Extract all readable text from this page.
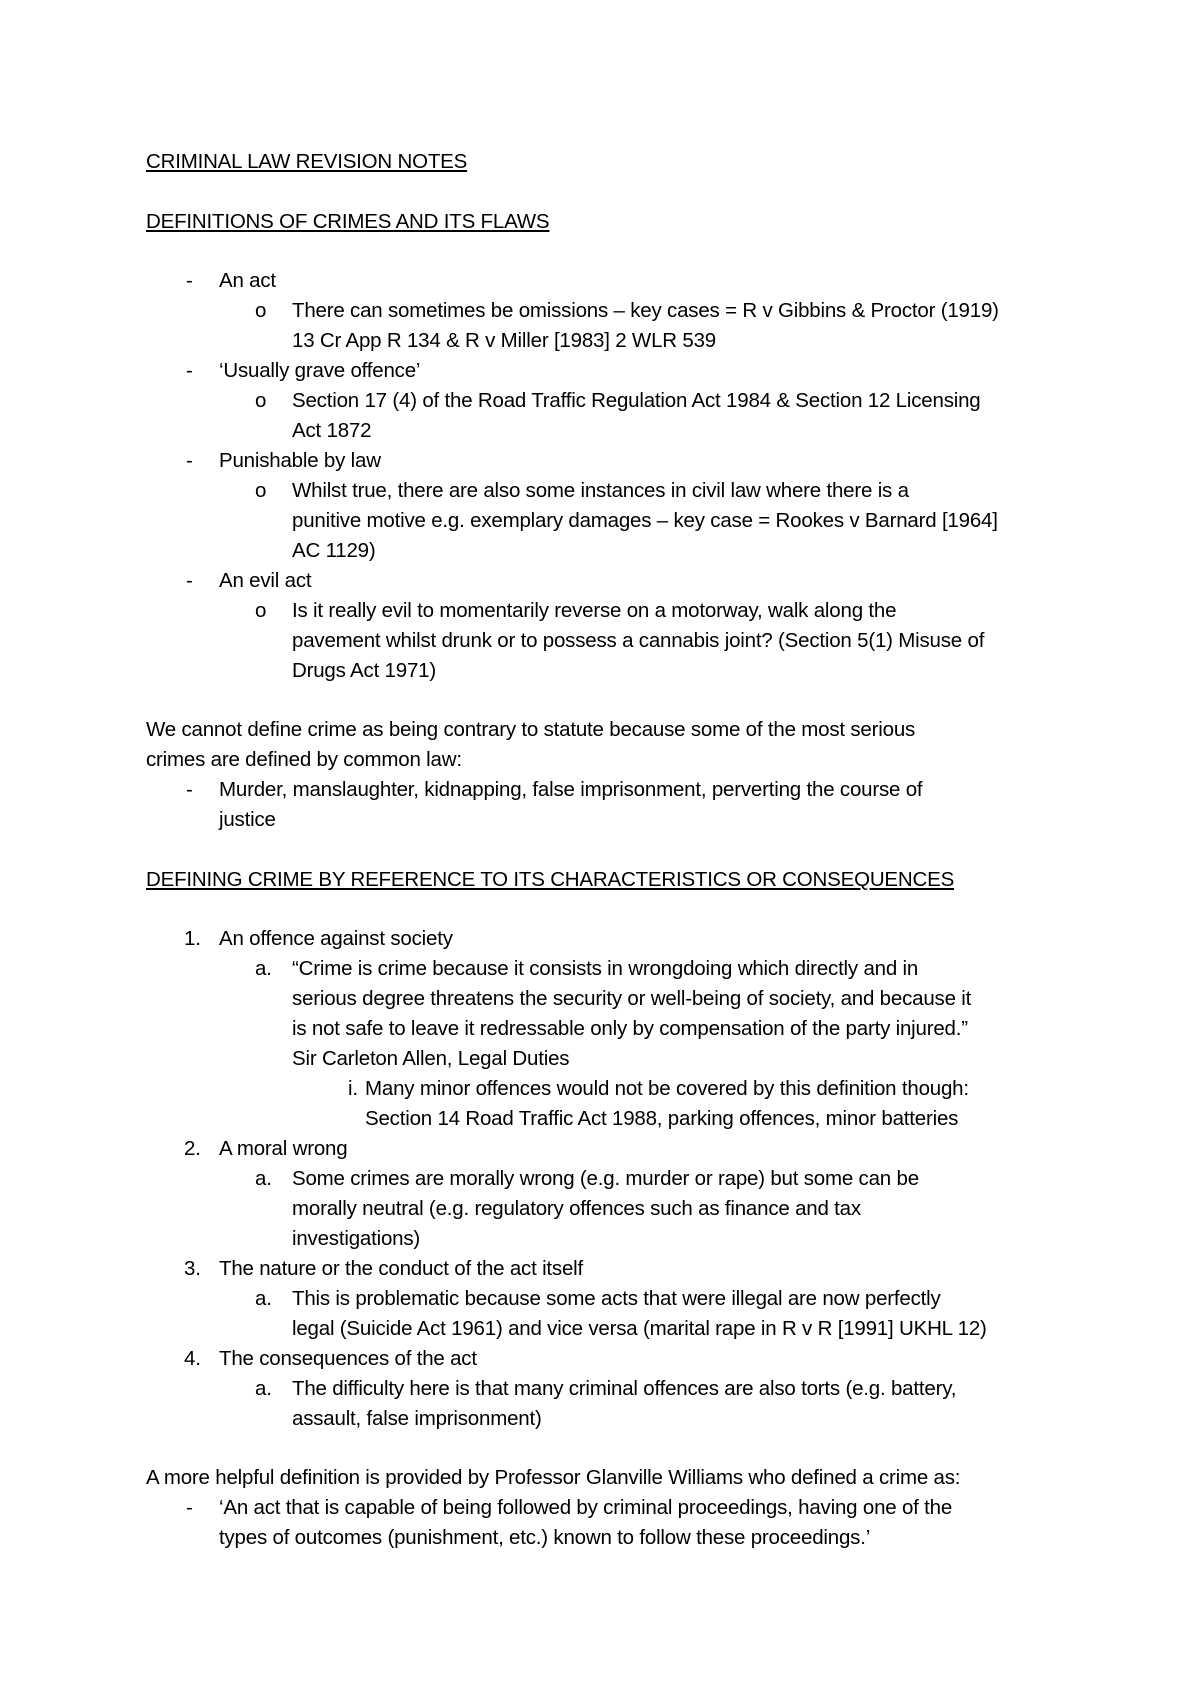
CRIMINAL LAW REVISION NOTES
DEFINITIONS OF CRIMES AND ITS FLAWS
- An act
o There can sometimes be omissions – key cases = R v Gibbins & Proctor (1919)
13 Cr App R 134 & R v Miller [1983] 2 WLR 539
- ‘Usually grave offence’
o Section 17 (4) of the Road Traffic Regulation Act 1984 & Section 12 Licensing
Act 1872
- Punishable by law
o Whilst true, there are also some instances in civil law where there is a
punitive motive e.g. exemplary damages – key case = Rookes v Barnard [1964]
AC 1129)
- An evil act
o Is it really evil to momentarily reverse on a motorway, walk along the
pavement whilst drunk or to possess a cannabis joint? (Section 5(1) Misuse of
Drugs Act 1971)
We cannot define crime as being contrary to statute because some of the most serious
crimes are defined by common law:
- Murder, manslaughter, kidnapping, false imprisonment, perverting the course of
justice
DEFINING CRIME BY REFERENCE TO ITS CHARACTERISTICS OR CONSEQUENCES
1. An offence against society
a. “Crime is crime because it consists in wrongdoing which directly and in
serious degree threatens the security or well-being of society, and because it
is not safe to leave it redressable only by compensation of the party injured.”
Sir Carleton Allen, Legal Duties
i. Many minor offences would not be covered by this definition though:
Section 14 Road Traffic Act 1988, parking offences, minor batteries
2. A moral wrong
a. Some crimes are morally wrong (e.g. murder or rape) but some can be
morally neutral (e.g. regulatory offences such as finance and tax
investigations)
3. The nature or the conduct of the act itself
a. This is problematic because some acts that were illegal are now perfectly
legal (Suicide Act 1961) and vice versa (marital rape in R v R [1991] UKHL 12)
4. The consequences of the act
a. The difficulty here is that many criminal offences are also torts (e.g. battery,
assault, false imprisonment)
A more helpful definition is provided by Professor Glanville Williams who defined a crime as:
- ‘An act that is capable of being followed by criminal proceedings, having one of the
types of outcomes (punishment, etc.) known to follow these proceedings.’
